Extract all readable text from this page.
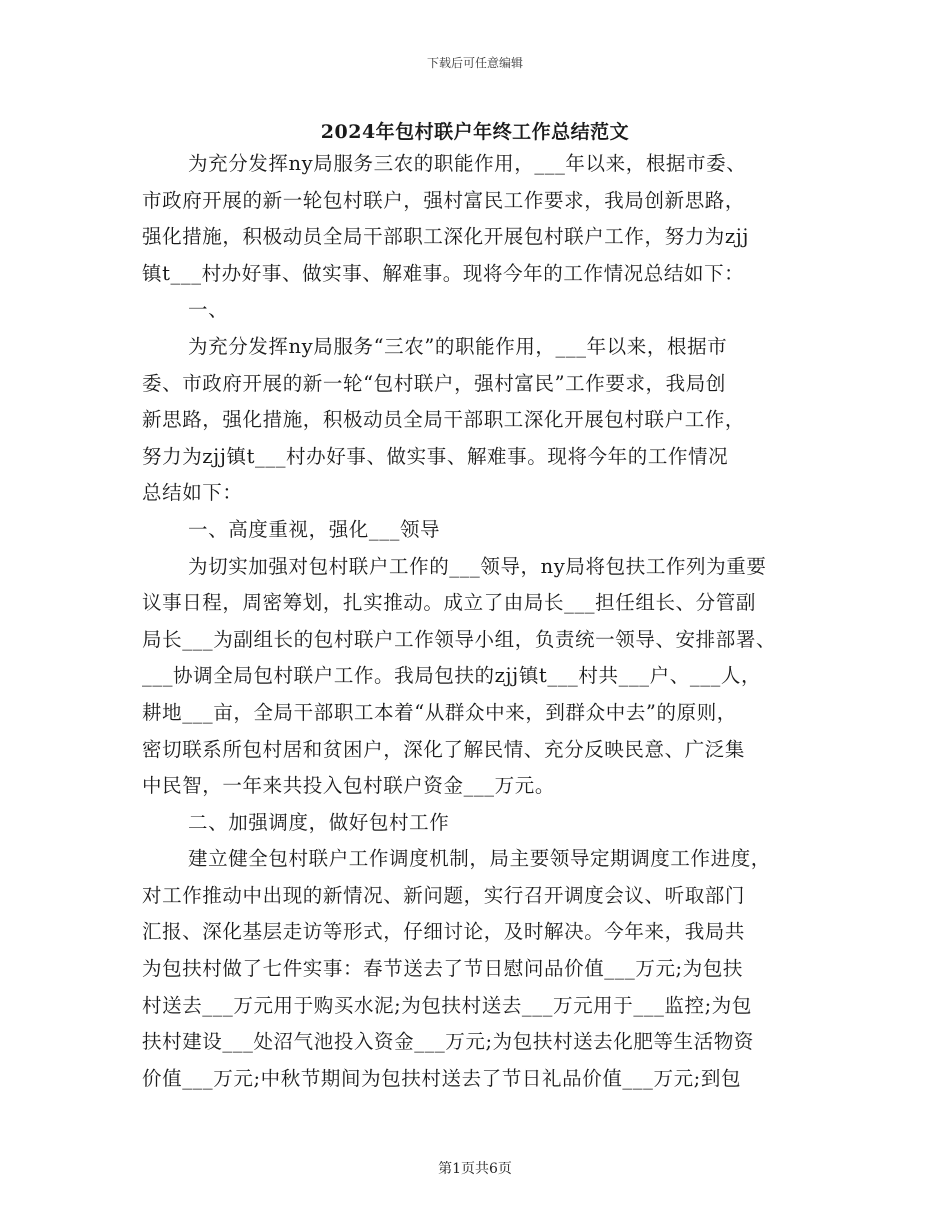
下载后可任意编辑
2024年包村联户年终工作总结范文
为充分发挥ny局服务三农的职能作用，___年以来，根据市委、
市政府开展的新一轮包村联户，强村富民工作要求，我局创新思路，
强化措施，积极动员全局干部职工深化开展包村联户工作，努力为zjj
镇t___村办好事、做实事、解难事。现将今年的工作情况总结如下：
一、
为充分发挥ny局服务“三农”的职能作用，___年以来，根据市
委、市政府开展的新一轮“包村联户，强村富民”工作要求，我局创
新思路，强化措施，积极动员全局干部职工深化开展包村联户工作，
努力为zjj镇t___村办好事、做实事、解难事。现将今年的工作情况
总结如下：
一、高度重视，强化___领导
为切实加强对包村联户工作的___领导，ny局将包扶工作列为重要
议事日程，周密筹划，扎实推动。成立了由局长___担任组长、分管副
局长___为副组长的包村联户工作领导小组，负责统一领导、安排部署、
___协调全局包村联户工作。我局包扶的zjj镇t___村共___户、___人，
耕地___亩，全局干部职工本着“从群众中来，到群众中去”的原则，
密切联系所包村居和贫困户，深化了解民情、充分反映民意、广泛集
中民智，一年来共投入包村联户资金___万元。
二、加强调度，做好包村工作
建立健全包村联户工作调度机制，局主要领导定期调度工作进度，
对工作推动中出现的新情况、新问题，实行召开调度会议、听取部门
汇报、深化基层走访等形式，仔细讨论，及时解决。今年来，我局共
为包扶村做了七件实事：春节送去了节日慰问品价值___万元;为包扶
村送去___万元用于购买水泥;为包扶村送去___万元用于___监控;为包
扶村建设___处沼气池投入资金___万元;为包扶村送去化肥等生活物资
价值___万元;中秋节期间为包扶村送去了节日礼品价值___万元;到包
第1页共6页
